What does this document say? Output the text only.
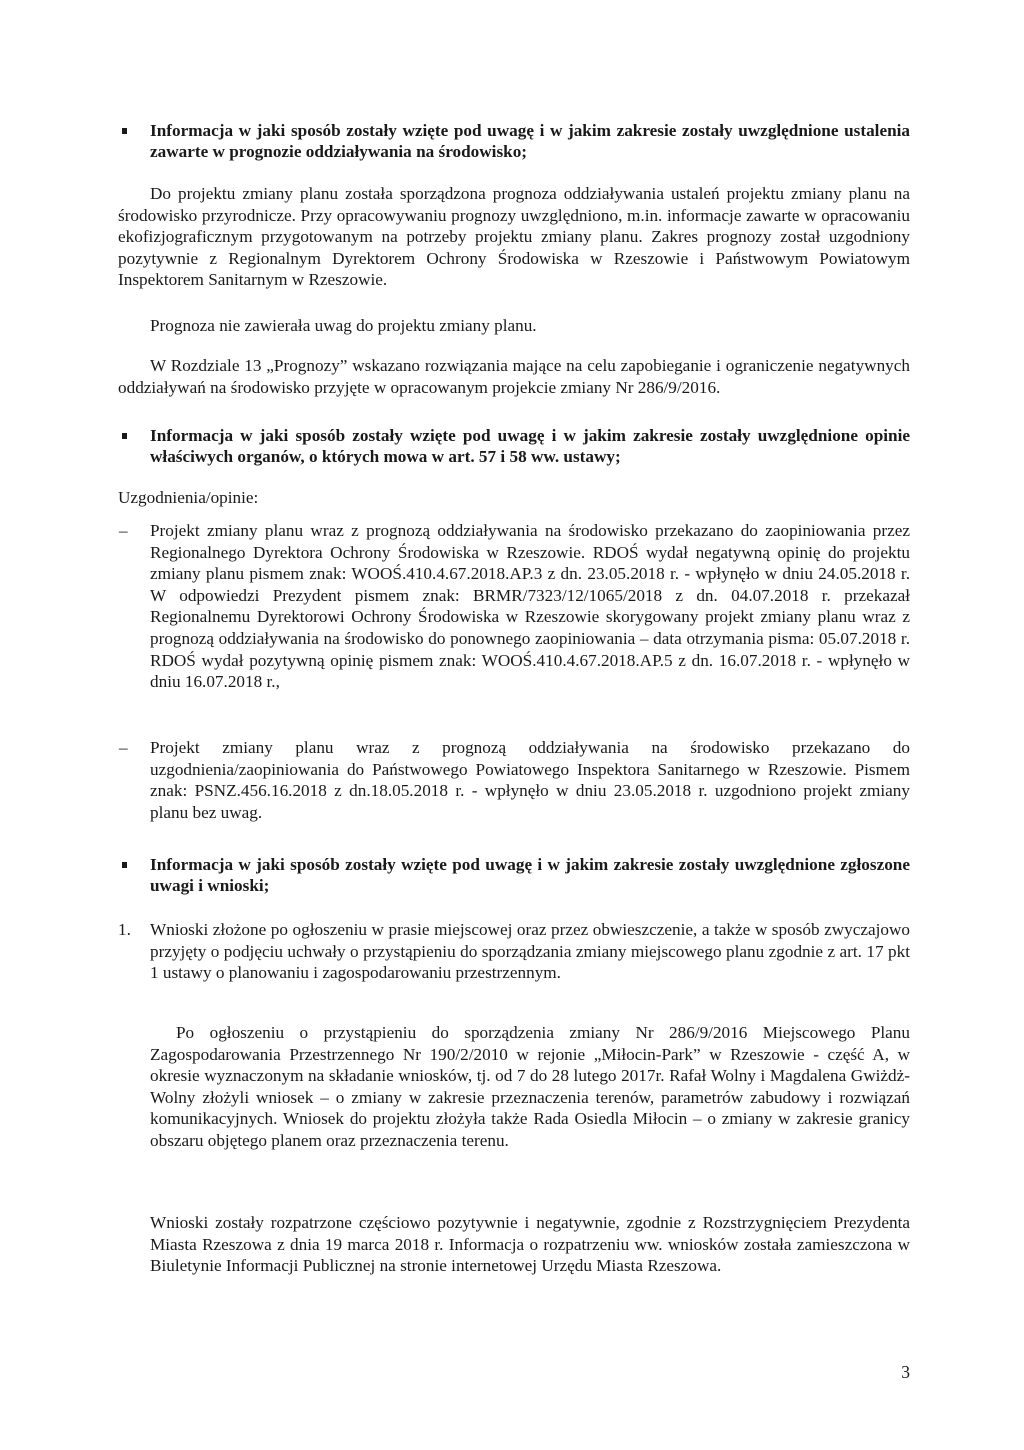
Informacja w jaki sposób zostały wzięte pod uwagę i w jakim zakresie zostały uwzględnione ustalenia zawarte w prognozie oddziaływania na środowisko;

Do projektu zmiany planu została sporządzona prognoza oddziaływania ustaleń projektu zmiany planu na środowisko przyrodnicze. Przy opracowywaniu prognozy uwzględniono, m.in. informacje zawarte w opracowaniu ekofizjograficznym przygotowanym na potrzeby projektu zmiany planu. Zakres prognozy został uzgodniony pozytywnie z Regionalnym Dyrektorem Ochrony Środowiska w Rzeszowie i Państwowym Powiatowym Inspektorem Sanitarnym w Rzeszowie.

Prognoza nie zawierała uwag do projektu zmiany planu.

W Rozdziale 13 „Prognozy” wskazano rozwiązania mające na celu zapobieganie i ograniczenie negatywnych oddziaływań na środowisko przyjęte w opracowanym projekcie zmiany Nr 286/9/2016.

Informacja w jaki sposób zostały wzięte pod uwagę i w jakim zakresie zostały uwzględnione opinie właściwych organów, o których mowa w art. 57 i 58 ww. ustawy;

Uzgodnienia/opinie:

– Projekt zmiany planu wraz z prognozą oddziaływania na środowisko przekazano do zaopiniowania przez Regionalnego Dyrektora Ochrony Środowiska w Rzeszowie. RDOŚ wydał negatywną opinię do projektu zmiany planu pismem znak: WOOŚ.410.4.67.2018.AP.3 z dn. 23.05.2018 r. - wpłynęło w dniu 24.05.2018 r. W odpowiedzi Prezydent pismem znak: BRMR/7323/12/1065/2018 z dn. 04.07.2018 r. przekazał Regionalnemu Dyrektorowi Ochrony Środowiska w Rzeszowie skorygowany projekt zmiany planu wraz z prognozą oddziaływania na środowisko do ponownego zaopiniowania – data otrzymania pisma: 05.07.2018 r. RDOŚ wydał pozytywną opinię pismem znak: WOOŚ.410.4.67.2018.AP.5 z dn. 16.07.2018 r. - wpłynęło w dniu 16.07.2018 r.,
– Projekt zmiany planu wraz z prognozą oddziaływania na środowisko przekazano do uzgodnienia/zaopiniowania do Państwowego Powiatowego Inspektora Sanitarnego w Rzeszowie. Pismem znak: PSNZ.456.16.2018 z dn.18.05.2018 r. - wpłynęło w dniu 23.05.2018 r. uzgodniono projekt zmiany planu bez uwag.
Informacja w jaki sposób zostały wzięte pod uwagę i w jakim zakresie zostały uwzględnione zgłoszone uwagi i wnioski;
1. Wnioski złożone po ogłoszeniu w prasie miejscowej oraz przez obwieszczenie, a także w sposób zwyczajowo przyjęty o podjęciu uchwały o przystąpieniu do sporządzania zmiany miejscowego planu zgodnie z art. 17 pkt 1 ustawy o planowaniu i zagospodarowaniu przestrzennym.

Po ogłoszeniu o przystąpieniu do sporządzenia zmiany Nr 286/9/2016 Miejscowego Planu Zagospodarowania Przestrzennego Nr 190/2/2010 w rejonie „Miłocin-Park” w Rzeszowie - część A, w okresie wyznaczonym na składanie wniosków, tj. od 7 do 28 lutego 2017r. Rafał Wolny i Magdalena Gwiżdż-Wolny złożyli wniosek – o zmiany w zakresie przeznaczenia terenów, parametrów zabudowy i rozwiązań komunikacyjnych. Wniosek do projektu złożyła także Rada Osiedla Miłocin – o zmiany w zakresie granicy obszaru objętego planem oraz przeznaczenia terenu.

Wnioski zostały rozpatrzone częściowo pozytywnie i negatywnie, zgodnie z Rozstrzygnięciem Prezydenta Miasta Rzeszowa z dnia 19 marca 2018 r. Informacja o rozpatrzeniu ww. wniosków została zamieszczona w Biuletynie Informacji Publicznej na stronie internetowej Urzędu Miasta Rzeszowa.

3
